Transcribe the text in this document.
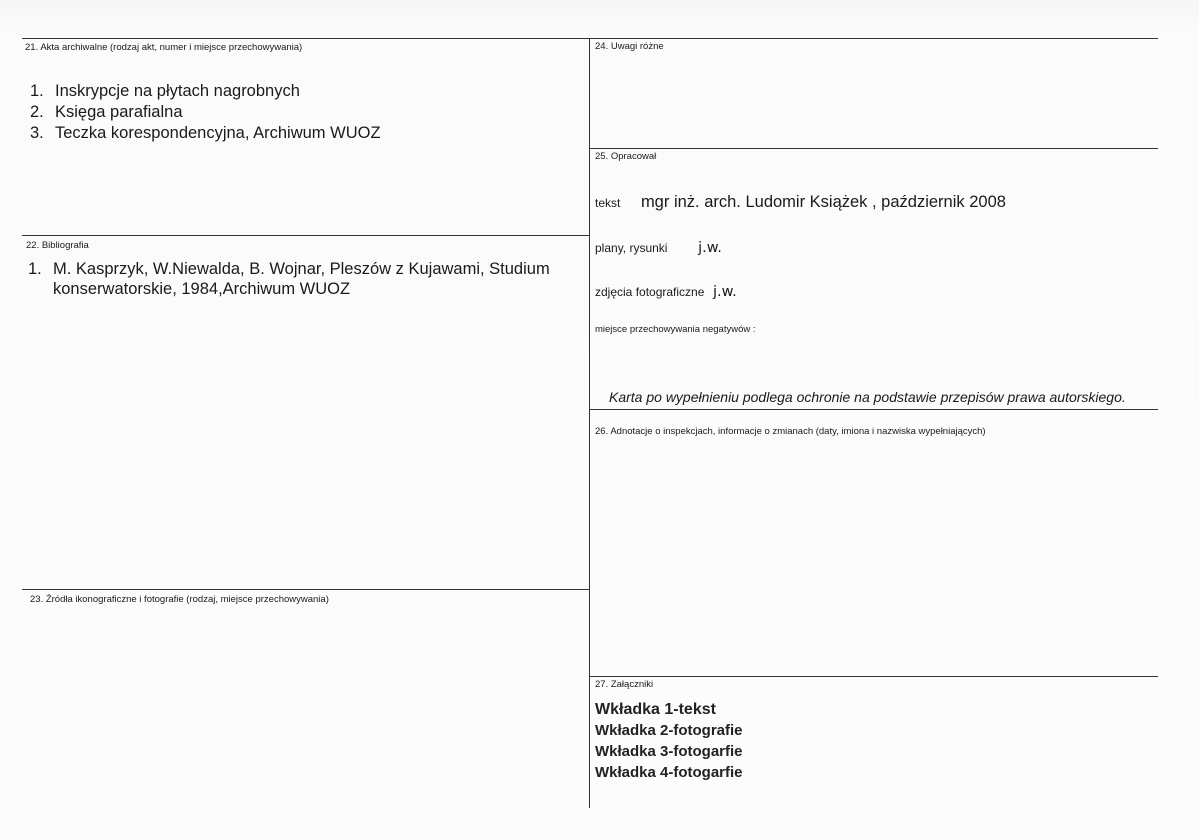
21. Akta archiwalne (rodzaj akt, numer i miejsce przechowywania)
1. Inskrypcje na płytach nagrobnych
2. Księga parafialna
3. Teczka korespondencyjna, Archiwum WUOZ
22. Bibliografia
1. M. Kasprzyk, W.Niewalda, B. Wojnar, Pleszów z Kujawami, Studium konserwatorskie, 1984,Archiwum WUOZ
23. Źródła ikonograficzne i fotografie (rodzaj, miejsce przechowywania)
24. Uwagi różne
25. Opracował
tekst mgr inż. arch. Ludomir Książek , październik 2008
plany, rysunki j.w.
zdjęcia fotograficzne j.w.
miejsce przechowywania negatywów :
Karta po wypełnieniu podlega ochronie na podstawie przepisów prawa autorskiego.
26. Adnotacje o inspekcjach, informacje o zmianach (daty, imiona i nazwiska wypełniających)
27. Załączniki
Wkładka 1-tekst
Wkładka 2-fotografie
Wkładka 3-fotogarfie
Wkładka 4-fotogarfie
